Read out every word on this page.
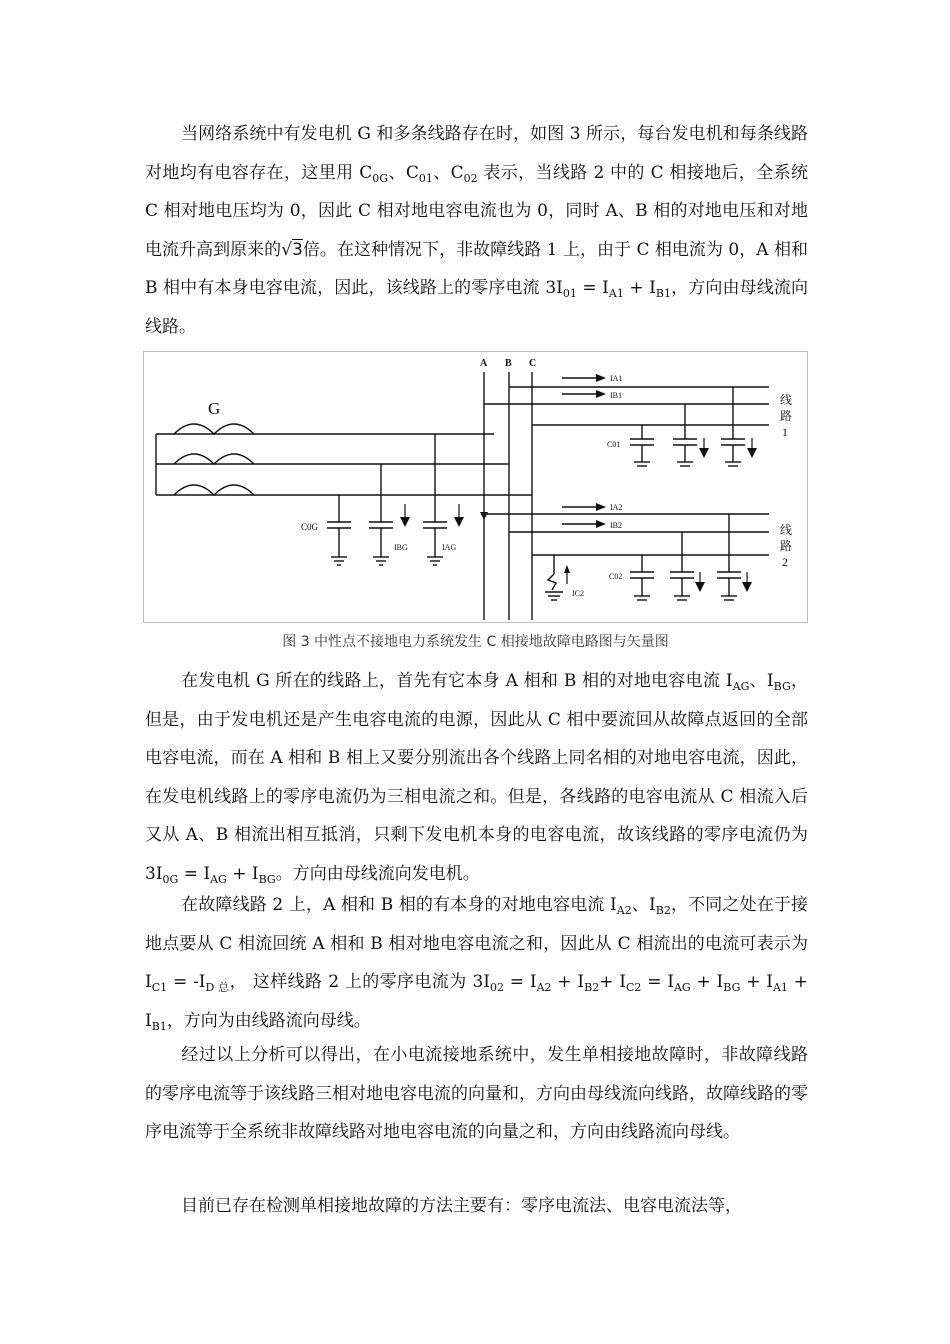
当网络系统中有发电机 G 和多条线路存在时，如图 3 所示，每台发电机和每条线路对地均有电容存在，这里用 $C_{0G}$、$C_{01}$、$C_{02}$ 表示，当线路 2 中的 C 相接地后，全系统 C 相对地电压均为 0，因此 C 相对地电容电流也为 0，同时 A、B 相的对地电压和对地电流升高到原来的√3倍。在这种情况下，非故障线路 1 上，由于 C 相电流为 0，A 相和 B 相中有本身电容电流，因此，该线路上的零序电流 $3I_{01} = I_{A1} + I_{B1}$，方向由母线流向线路。

A B C
G
C0G
IBG	IAG
IA1
IB1
C01
IA2
IB2
C02
IC2
线
路
1
线
路
2
图 3 中性点不接地电力系统发生 C 相接地故障电路图与矢量图

在发电机 G 所在的线路上，首先有它本身 A 相和 B 相的对地电容电流 $I_{AG}$、$I_{BG}$，但是，由于发电机还是产生电容电流的电源，因此从 C 相中要流回从故障点返回的全部电容电流，而在 A 相和 B 相上又要分别流出各个线路上同名相的对地电容电流，因此，在发电机线路上的零序电流仍为三相电流之和。但是，各线路的电容电流从 C 相流入后又从 A、B 相流出相互抵消，只剩下发电机本身的电容电流，故该线路的零序电流仍为 $3I_{0G} = I_{AG} + I_{BG}$。方向由母线流向发电机。

在故障线路 2 上，A 相和 B 相的有本身的对地电容电流 $I_{A2}$、$I_{B2}$，不同之处在于接地点要从 C 相流回统 A 相和 B 相对地电容电流之和，因此从 C 相流出的电流可表示为 $I_{C1} = -I_{D 总}$， 这样线路 2 上的零序电流为 $3I_{02} = I_{A2} + I_{B2}+ I_{C2} = I_{AG} + I_{BG} + I_{A1} + I_{B1}$，方向为由线路流向母线。

经过以上分析可以得出，在小电流接地系统中，发生单相接地故障时，非故障线路的零序电流等于该线路三相对地电容电流的向量和，方向由母线流向线路，故障线路的零序电流等于全系统非故障线路对地电容电流的向量之和，方向由线路流向母线。

目前已存在检测单相接地故障的方法主要有：零序电流法、电容电流法等，
